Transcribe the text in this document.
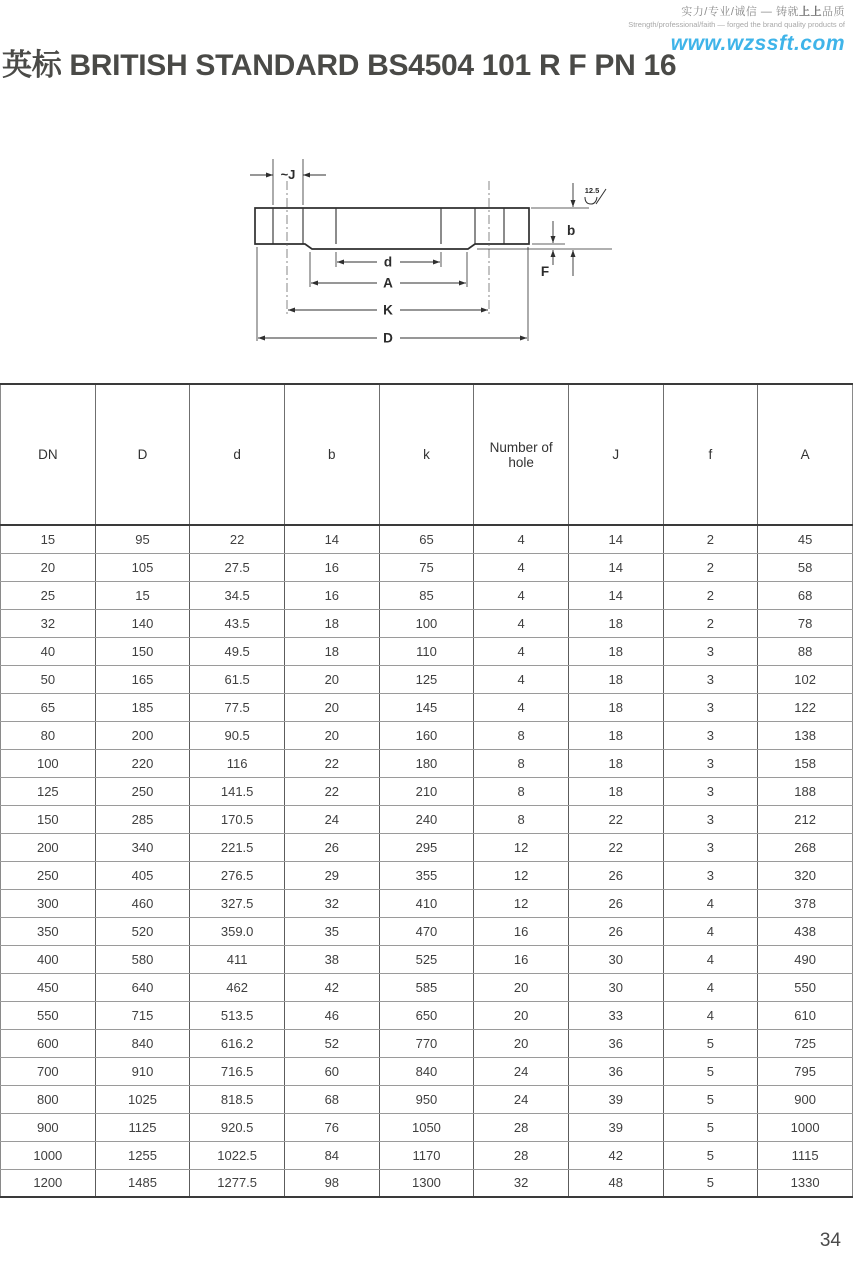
实力/专业/诚信 — 铸就上上品质
Strength/professional/faith — forged the brand quality products of
www.wzssft.com
英标 BRITISH STANDARD BS4504 101 R F PN 16
~J
12.5
b
F
d
A
K
D
DN	D	d	b	k	Number of hole	J	f	A
15	95	22	14	65	4	14	2	45
20	105	27.5	16	75	4	14	2	58
25	15	34.5	16	85	4	14	2	68
32	140	43.5	18	100	4	18	2	78
40	150	49.5	18	110	4	18	3	88
50	165	61.5	20	125	4	18	3	102
65	185	77.5	20	145	4	18	3	122
80	200	90.5	20	160	8	18	3	138
100	220	116	22	180	8	18	3	158
125	250	141.5	22	210	8	18	3	188
150	285	170.5	24	240	8	22	3	212
200	340	221.5	26	295	12	22	3	268
250	405	276.5	29	355	12	26	3	320
300	460	327.5	32	410	12	26	4	378
350	520	359.0	35	470	16	26	4	438
400	580	411	38	525	16	30	4	490
450	640	462	42	585	20	30	4	550
550	715	513.5	46	650	20	33	4	610
600	840	616.2	52	770	20	36	5	725
700	910	716.5	60	840	24	36	5	795
800	1025	818.5	68	950	24	39	5	900
900	1125	920.5	76	1050	28	39	5	1000
1000	1255	1022.5	84	1170	28	42	5	1115
1200	1485	1277.5	98	1300	32	48	5	1330
34
